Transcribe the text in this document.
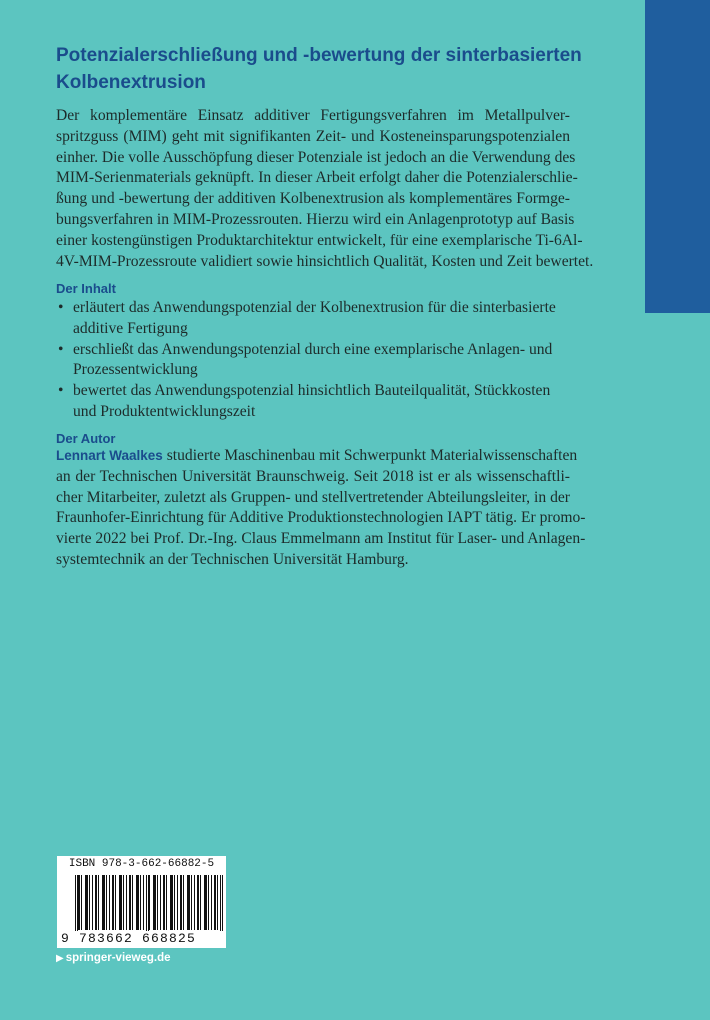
Potenzialerschließung und -bewertung der sinterbasierten
Kolbenextrusion
Der komplementäre Einsatz additiver Fertigungsverfahren im Metallpulver-
spritzguss (MIM) geht mit signifikanten Zeit- und Kosteneinsparungspotenzialen
einher. Die volle Ausschöpfung dieser Potenziale ist jedoch an die Verwendung des
MIM-Serienmaterials geknüpft. In dieser Arbeit erfolgt daher die Potenzialerschlie-
ßung und -bewertung der additiven Kolbenextrusion als komplementäres Formge-
bungsverfahren in MIM-Prozessrouten. Hierzu wird ein Anlagenprototyp auf Basis
einer kostengünstigen Produktarchitektur entwickelt, für eine exemplarische Ti-6Al-
4V-MIM-Prozessroute validiert sowie hinsichtlich Qualität, Kosten und Zeit bewertet.
Der Inhalt
• erläutert das Anwendungspotenzial der Kolbenextrusion für die sinterbasierte
additive Fertigung
• erschließt das Anwendungspotenzial durch eine exemplarische Anlagen- und
Prozessentwicklung
• bewertet das Anwendungspotenzial hinsichtlich Bauteilqualität, Stückkosten
und Produktentwicklungszeit
Der Autor
Lennart Waalkes studierte Maschinenbau mit Schwerpunkt Materialwissenschaften
an der Technischen Universität Braunschweig. Seit 2018 ist er als wissenschaftli-
cher Mitarbeiter, zuletzt als Gruppen- und stellvertretender Abteilungsleiter, in der
Fraunhofer-Einrichtung für Additive Produktionstechnologien IAPT tätig. Er promo-
vierte 2022 bei Prof. Dr.-Ing. Claus Emmelmann am Institut für Laser- und Anlagen-
systemtechnik an der Technischen Universität Hamburg.
ISBN 978-3-662-66882-5
9 783662 668825
▶ springer-vieweg.de
